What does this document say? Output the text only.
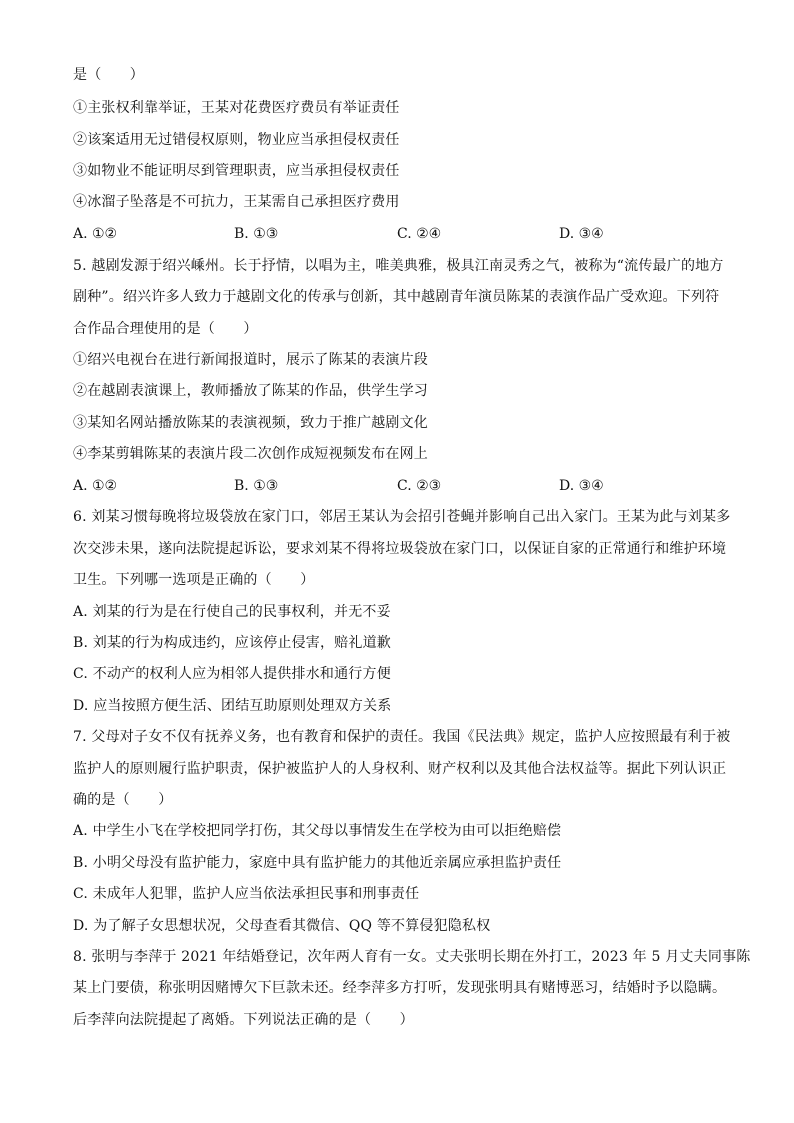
是（　　）
①主张权利靠举证，王某对花费医疗费员有举证责任
②该案适用无过错侵权原则，物业应当承担侵权责任
③如物业不能证明尽到管理职责，应当承担侵权责任
④冰溜子坠落是不可抗力，王某需自己承担医疗费用
A. ①②	B. ①③	C. ②④	D. ③④
5. 越剧发源于绍兴嵊州。长于抒情，以唱为主，唯美典雅，极具江南灵秀之气，被称为“流传最广的地方
剧种”。绍兴许多人致力于越剧文化的传承与创新，其中越剧青年演员陈某的表演作品广受欢迎。下列符
合作品合理使用的是（　　）
①绍兴电视台在进行新闻报道时，展示了陈某的表演片段
②在越剧表演课上，教师播放了陈某的作品，供学生学习
③某知名网站播放陈某的表演视频，致力于推广越剧文化
④李某剪辑陈某的表演片段二次创作成短视频发布在网上
A. ①②	B. ①③	C. ②③	D. ③④
6. 刘某习惯每晚将垃圾袋放在家门口，邻居王某认为会招引苍蝇并影响自己出入家门。王某为此与刘某多
次交涉未果，遂向法院提起诉讼，要求刘某不得将垃圾袋放在家门口，以保证自家的正常通行和维护环境
卫生。下列哪一选项是正确的（　　）
A. 刘某的行为是在行使自己的民事权利，并无不妥
B. 刘某的行为构成违约，应该停止侵害，赔礼道歉
C. 不动产的权利人应为相邻人提供排水和通行方便
D. 应当按照方便生活、团结互助原则处理双方关系
7. 父母对子女不仅有抚养义务，也有教育和保护的责任。我国《民法典》规定，监护人应按照最有利于被
监护人的原则履行监护职责，保护被监护人的人身权利、财产权利以及其他合法权益等。据此下列认识正
确的是（　　）
A. 中学生小飞在学校把同学打伤，其父母以事情发生在学校为由可以拒绝赔偿
B. 小明父母没有监护能力，家庭中具有监护能力的其他近亲属应承担监护责任
C. 未成年人犯罪，监护人应当依法承担民事和刑事责任
D. 为了解子女思想状况，父母查看其微信、QQ 等不算侵犯隐私权
8. 张明与李萍于 2021 年结婚登记，次年两人育有一女。丈夫张明长期在外打工，2023 年 5 月丈夫同事陈
某上门要债，称张明因赌博欠下巨款未还。经李萍多方打听，发现张明具有赌博恶习，结婚时予以隐瞒。
后李萍向法院提起了离婚。下列说法正确的是（　　）
